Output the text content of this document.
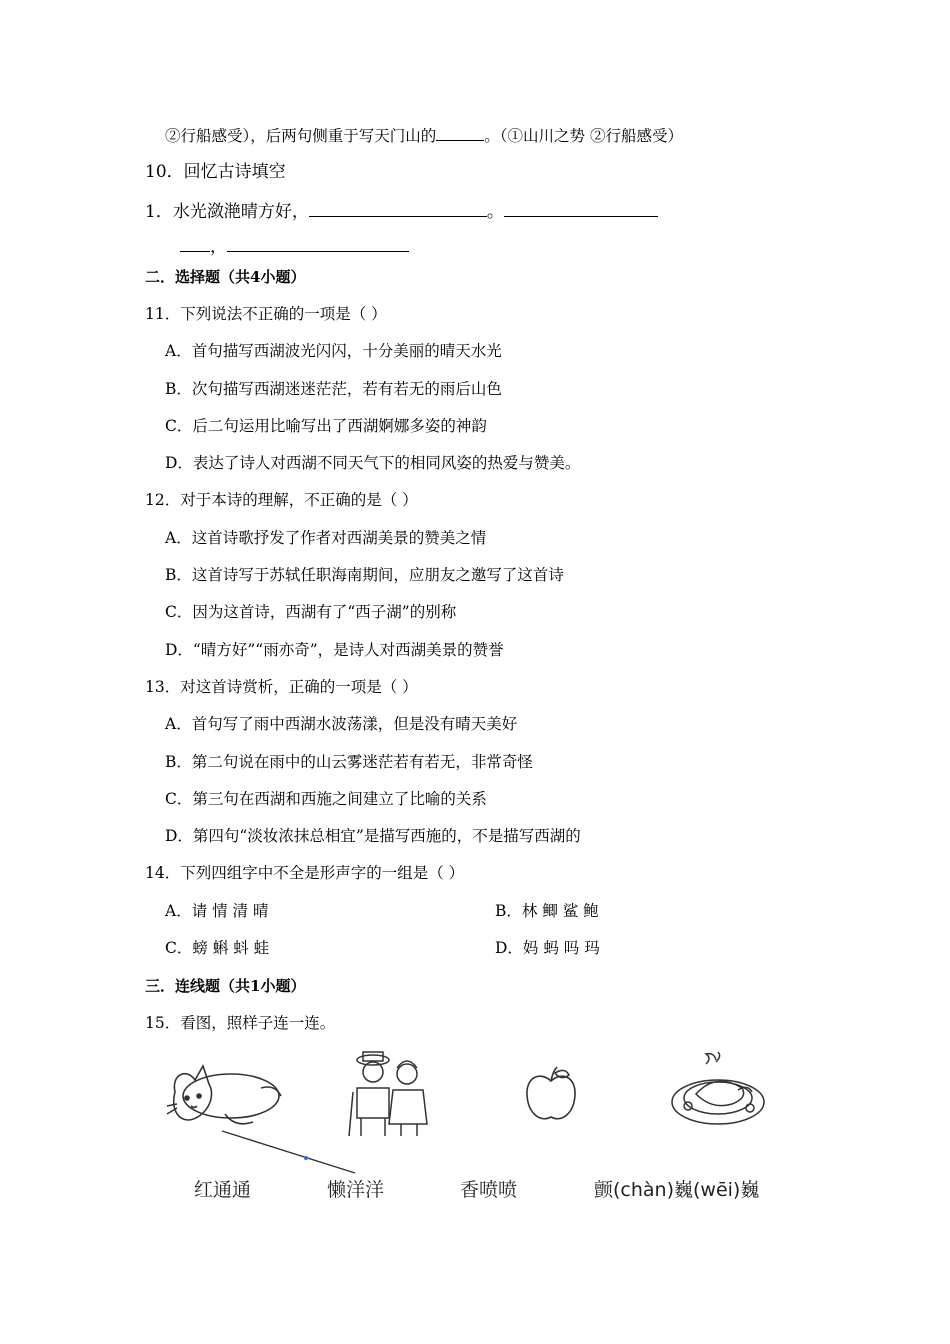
②行船感受），后两句侧重于写天门山的	。（①山川之势 ②行船感受）
10．回忆古诗填空
1．水光潋滟晴方好，	。
，
二．选择题（共4小题）
11．下列说法不正确的一项是（ ）
A．首句描写西湖波光闪闪，十分美丽的晴天水光
B．次句描写西湖迷迷茫茫，若有若无的雨后山色
C．后二句运用比喻写出了西湖婀娜多姿的神韵
D．表达了诗人对西湖不同天气下的相同风姿的热爱与赞美。
12．对于本诗的理解，不正确的是（ ）
A．这首诗歌抒发了作者对西湖美景的赞美之情
B．这首诗写于苏轼任职海南期间，应朋友之邀写了这首诗
C．因为这首诗，西湖有了“西子湖”的别称
D．“晴方好”“雨亦奇”，是诗人对西湖美景的赞誉
13．对这首诗赏析，正确的一项是（ ）
A．首句写了雨中西湖水波荡漾，但是没有晴天美好
B．第二句说在雨中的山云雾迷茫若有若无，非常奇怪
C．第三句在西湖和西施之间建立了比喻的关系
D．第四句“淡妆浓抹总相宜”是描写西施的，不是描写西湖的
14．下列四组字中不全是形声字的一组是（ ）
A．请 情 清 晴	B．林 鲫 鲨 鲍
C．螃 蝌 蚪 蛙	D．妈 蚂 吗 玛
三．连线题（共1小题）
15．看图，照样子连一连。
红通通	懒洋洋	香喷喷	颤(chàn)巍(wēi)巍
